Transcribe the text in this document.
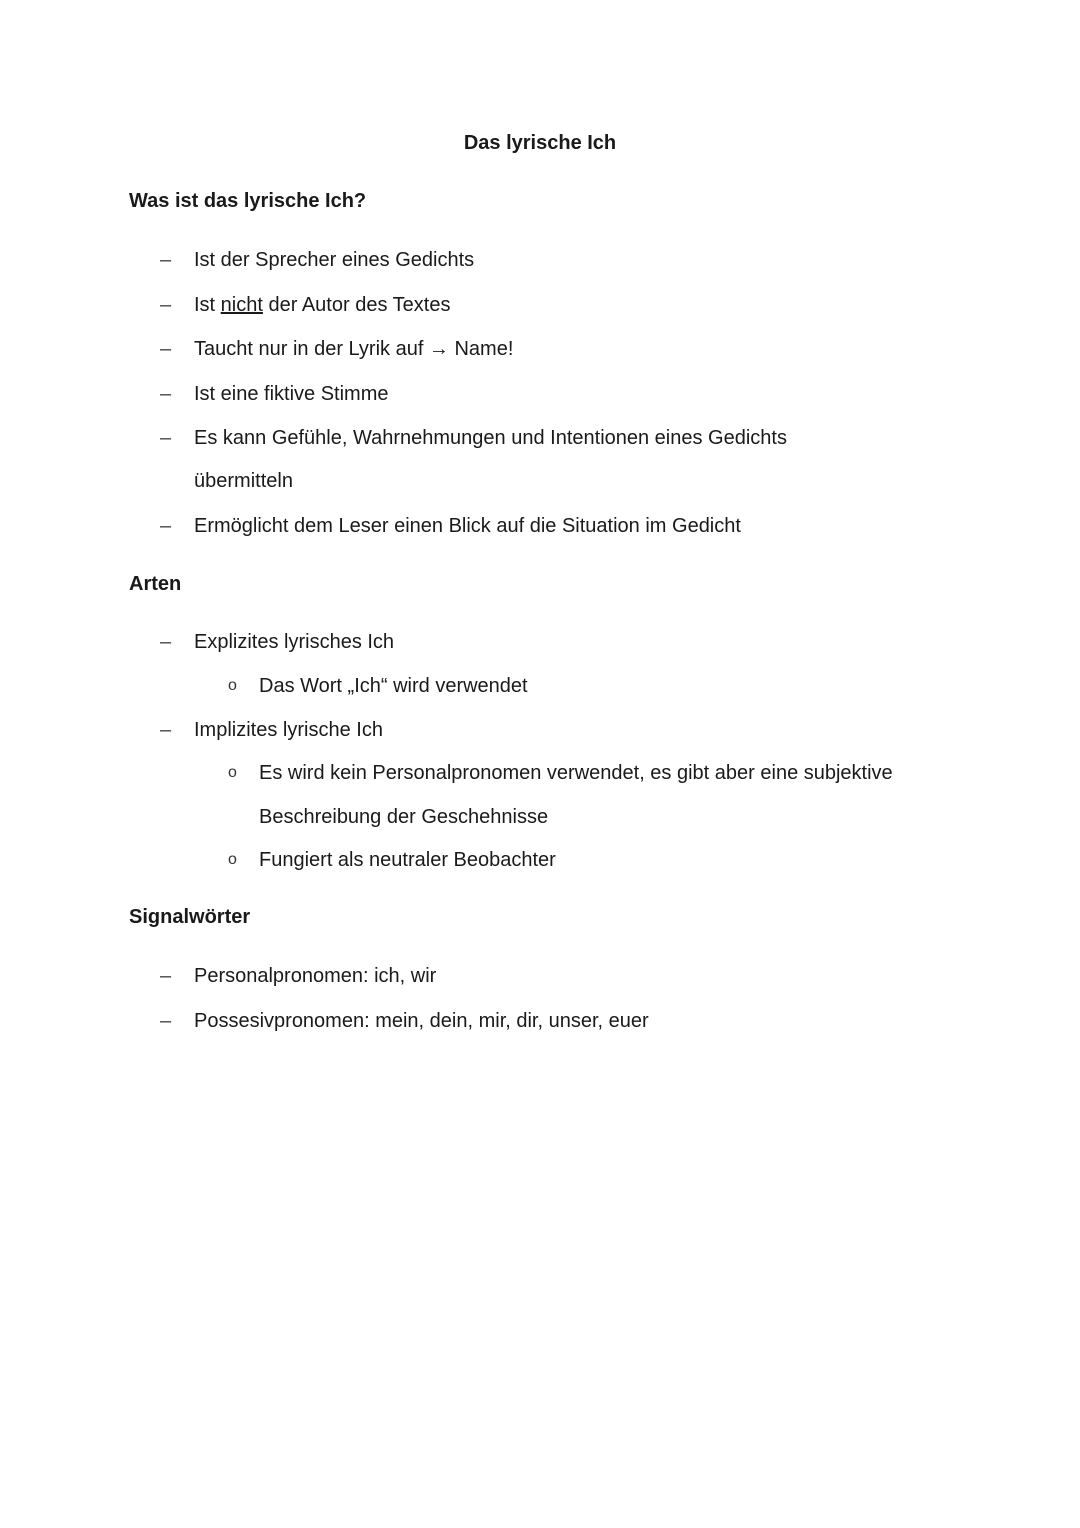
Das lyrische Ich
Was ist das lyrische Ich?
– Ist der Sprecher eines Gedichts
– Ist nicht der Autor des Textes
– Taucht nur in der Lyrik auf → Name!
– Ist eine fiktive Stimme
– Es kann Gefühle, Wahrnehmungen und Intentionen eines Gedichts
übermitteln
– Ermöglicht dem Leser einen Blick auf die Situation im Gedicht
Arten
– Explizites lyrisches Ich
o Das Wort „Ich“ wird verwendet
– Implizites lyrische Ich
o Es wird kein Personalpronomen verwendet, es gibt aber eine subjektive
Beschreibung der Geschehnisse
o Fungiert als neutraler Beobachter
Signalwörter
– Personalpronomen: ich, wir
– Possesivpronomen: mein, dein, mir, dir, unser, euer
